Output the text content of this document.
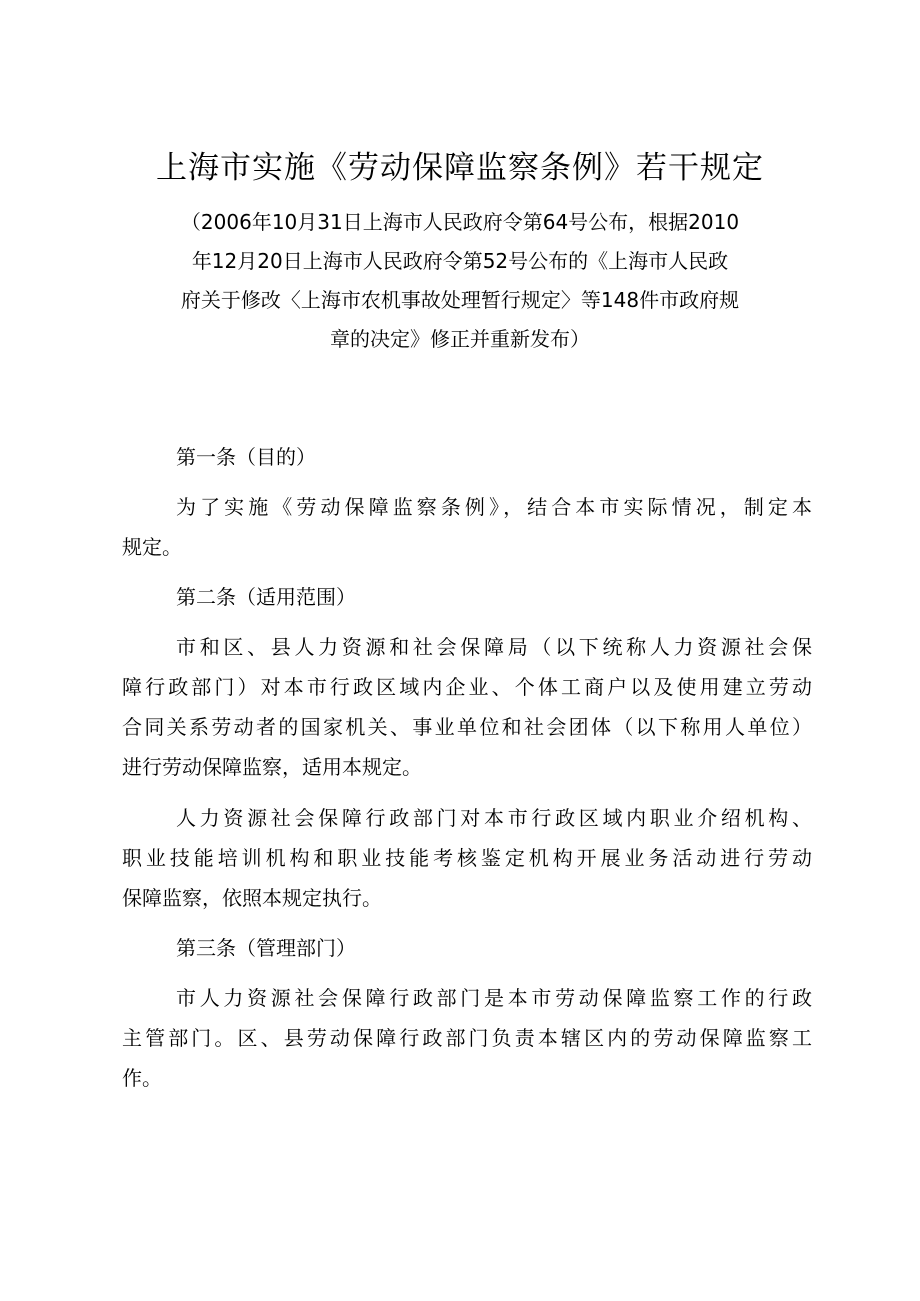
上海市实施《劳动保障监察条例》若干规定
（2006年10月31日上海市人民政府令第64号公布，根据2010
年12月20日上海市人民政府令第52号公布的《上海市人民政
府关于修改〈上海市农机事故处理暂行规定〉等148件市政府规
章的决定》修正并重新发布）
第一条（目的）
为了实施《劳动保障监察条例》，结合本市实际情况，制定本
规定。
第二条（适用范围）
市和区、县人力资源和社会保障局（以下统称人力资源社会保
障行政部门）对本市行政区域内企业、个体工商户以及使用建立劳动
合同关系劳动者的国家机关、事业单位和社会团体（以下称用人单位）
进行劳动保障监察，适用本规定。
人力资源社会保障行政部门对本市行政区域内职业介绍机构、
职业技能培训机构和职业技能考核鉴定机构开展业务活动进行劳动
保障监察，依照本规定执行。
第三条（管理部门）
市人力资源社会保障行政部门是本市劳动保障监察工作的行政
主管部门。区、县劳动保障行政部门负责本辖区内的劳动保障监察工
作。
